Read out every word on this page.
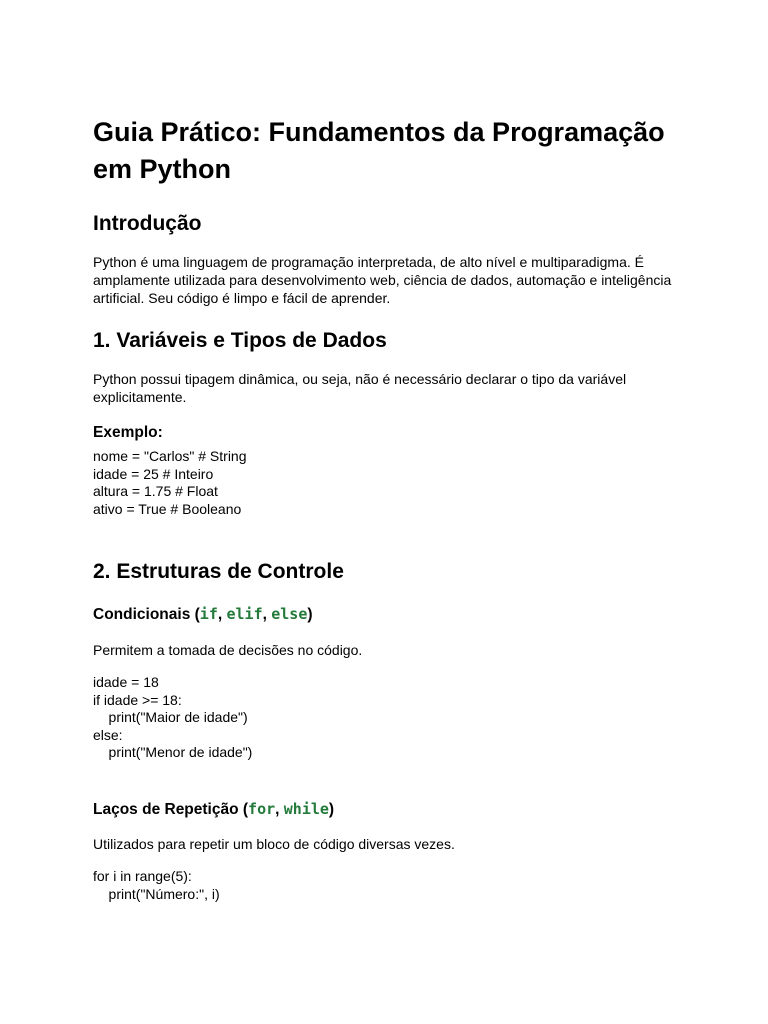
Guia Prático: Fundamentos da Programação em Python
Introdução

Python é uma linguagem de programação interpretada, de alto nível e multiparadigma. É amplamente utilizada para desenvolvimento web, ciência de dados, automação e inteligência artificial. Seu código é limpo e fácil de aprender.

1. Variáveis e Tipos de Dados

Python possui tipagem dinâmica, ou seja, não é necessário declarar o tipo da variável explicitamente.

Exemplo:
nome = "Carlos" # String
idade = 25 # Inteiro
altura = 1.75 # Float
ativo = True # Booleano
2. Estruturas de Controle
Condicionais (if, elif, else)

Permitem a tomada de decisões no código.

idade = 18
if idade >= 18:
print("Maior de idade")
else:
print("Menor de idade")
Laços de Repetição (for, while)

Utilizados para repetir um bloco de código diversas vezes.

for i in range(5):
print("Número:", i)
